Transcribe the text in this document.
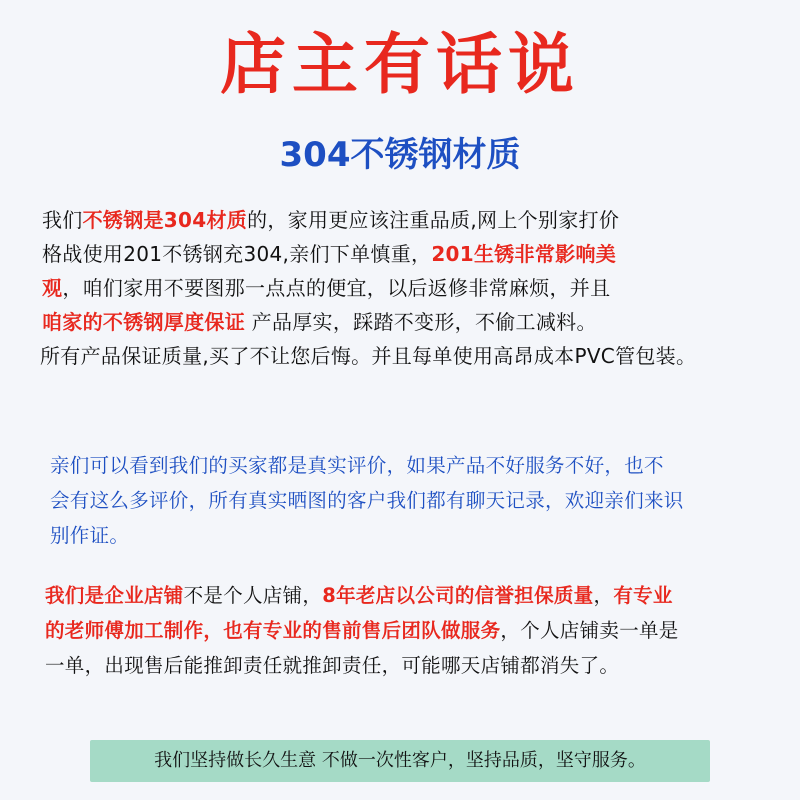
店主有话说
304不锈钢材质
我们不锈钢是304材质的，家用更应该注重品质,网上个别家打价
格战使用201不锈钢充304,亲们下单慎重，201生锈非常影响美
观，咱们家用不要图那一点点的便宜，以后返修非常麻烦，并且
咱家的不锈钢厚度保证 产品厚实，踩踏不变形，不偷工减料。
所有产品保证质量,买了不让您后悔。并且每单使用高昂成本PVC管包装。
亲们可以看到我们的买家都是真实评价，如果产品不好服务不好，也不
会有这么多评价，所有真实晒图的客户我们都有聊天记录，欢迎亲们来识
别作证。
我们是企业店铺不是个人店铺，8年老店以公司的信誉担保质量，有专业
的老师傅加工制作，也有专业的售前售后团队做服务，个人店铺卖一单是
一单，出现售后能推卸责任就推卸责任，可能哪天店铺都消失了。
我们坚持做长久生意 不做一次性客户，坚持品质，坚守服务。
